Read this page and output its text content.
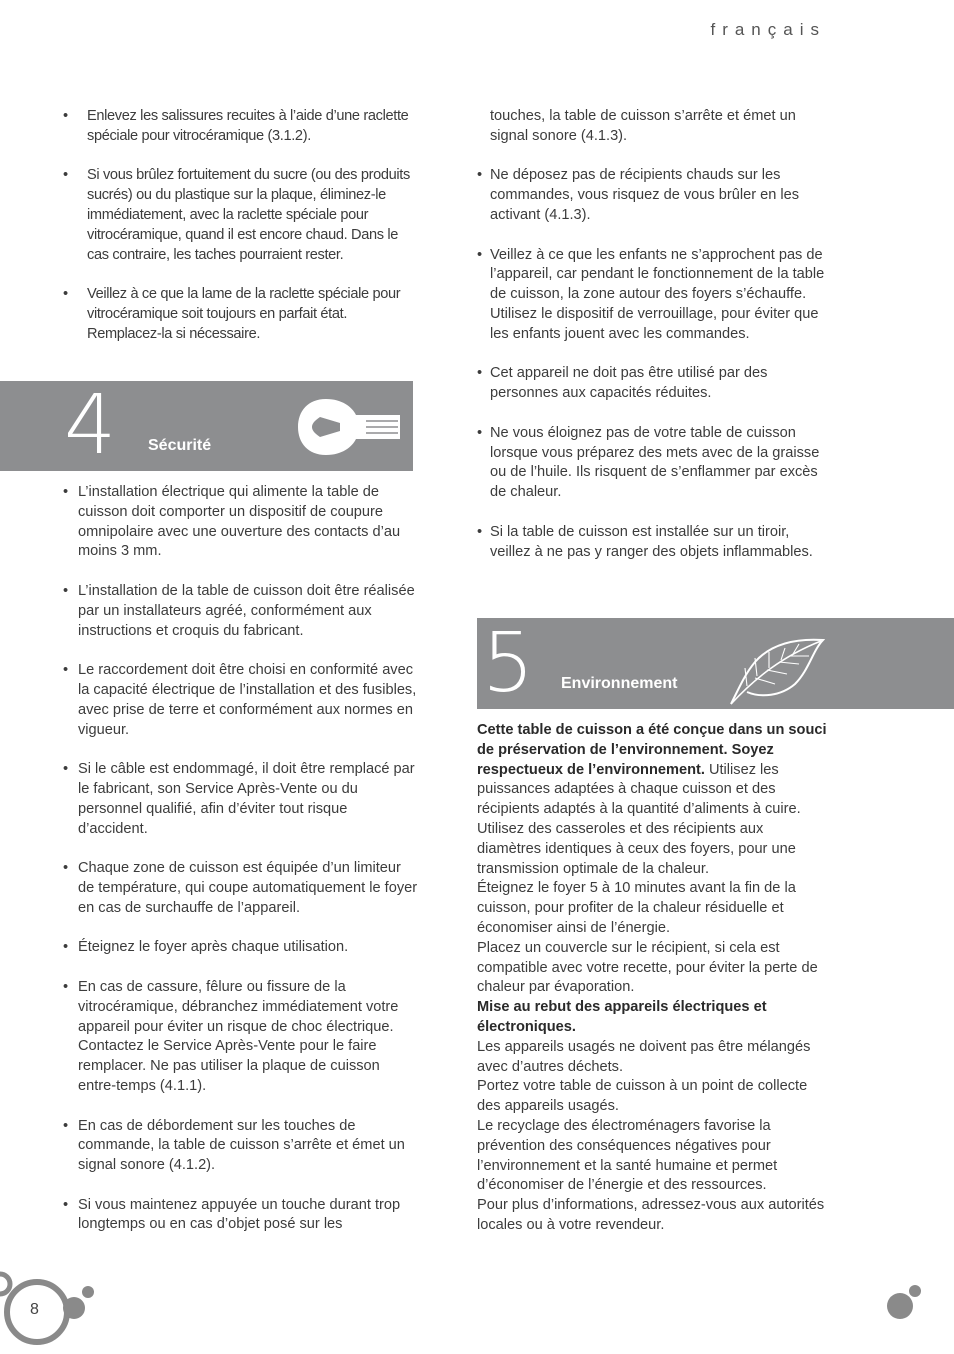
français
• Enlevez les salissures recuites à l’aide d’une raclette spéciale pour vitrocéramique (3.1.2).
• Si vous brûlez fortuitement du sucre (ou des produits sucrés) ou du plastique sur la plaque, éliminez-le immédiatement, avec la raclette spéciale pour vitrocéramique, quand il est encore chaud. Dans le cas contraire, les taches pourraient rester.
• Veillez à ce que la lame de la raclette spéciale pour vitrocéramique soit toujours en parfait état. Remplacez-la si nécessaire.
4 Sécurité
• L’installation électrique qui alimente la table de cuisson doit comporter un dispositif de coupure omnipolaire avec une ouverture des contacts d’au moins 3 mm.
• L’installation de la table de cuisson doit être réalisée par un installateurs agréé, conformément aux instructions et croquis du fabricant.
• Le raccordement doit être choisi en conformité avec la capacité électrique de l’installation et des fusibles, avec prise de terre et conformément aux normes en vigueur.
• Si le câble est endommagé, il doit être remplacé par le fabricant, son Service Après-Vente ou du personnel qualifié, afin d’éviter tout risque d’accident.
• Chaque zone de cuisson est équipée d’un limiteur de température, qui coupe automatiquement le foyer en cas de surchauffe de l’appareil.
• Éteignez le foyer après chaque utilisation.
• En cas de cassure, fêlure ou fissure de la vitrocéramique, débranchez immédiatement votre appareil pour éviter un risque de choc électrique. Contactez le Service Après-Vente pour le faire remplacer. Ne pas utiliser la plaque de cuisson entre-temps (4.1.1).
• En cas de débordement sur les touches de commande, la table de cuisson s’arrête et émet un signal sonore (4.1.2).
• Si vous maintenez appuyée un touche durant trop longtemps ou en cas d’objet posé sur les
touches, la table de cuisson s’arrête et émet un signal sonore (4.1.3).
• Ne déposez pas de récipients chauds sur les commandes, vous risquez de vous brûler en les activant (4.1.3).
• Veillez à ce que les enfants ne s’approchent pas de l’appareil, car pendant le fonctionnement de la table de cuisson, la zone autour des foyers s’échauffe. Utilisez le dispositif de verrouillage, pour éviter que les enfants jouent avec les commandes.
• Cet appareil ne doit pas être utilisé par des personnes aux capacités réduites.
• Ne vous éloignez pas de votre table de cuisson lorsque vous préparez des mets avec de la graisse ou de l’huile. Ils risquent de s’enflammer par excès de chaleur.
• Si la table de cuisson est installée sur un tiroir, veillez à ne pas y ranger des objets inflammables.
5 Environnement

Cette table de cuisson a été conçue dans un souci de préservation de l’environnement. Soyez respectueux de l’environnement. Utilisez les puissances adaptées à chaque cuisson et des récipients adaptés à la quantité d’aliments à cuire. Utilisez des casseroles et des récipients aux diamètres identiques à ceux des foyers, pour une transmission optimale de la chaleur.

Éteignez le foyer 5 à 10 minutes avant la fin de la cuisson, pour profiter de la chaleur résiduelle et économiser ainsi de l’énergie.

Placez un couvercle sur le récipient, si cela est compatible avec votre recette, pour éviter la perte de chaleur par évaporation.

Mise au rebut des appareils électriques et électroniques.

Les appareils usagés ne doivent pas être mélangés avec d’autres déchets.

Portez votre table de cuisson à un point de collecte des appareils usagés.

Le recyclage des électroménagers favorise la prévention des conséquences négatives pour l’environnement et la santé humaine et permet d’économiser de l’énergie et des ressources.

Pour plus d’informations, adressez-vous aux autorités locales ou à votre revendeur.

8
